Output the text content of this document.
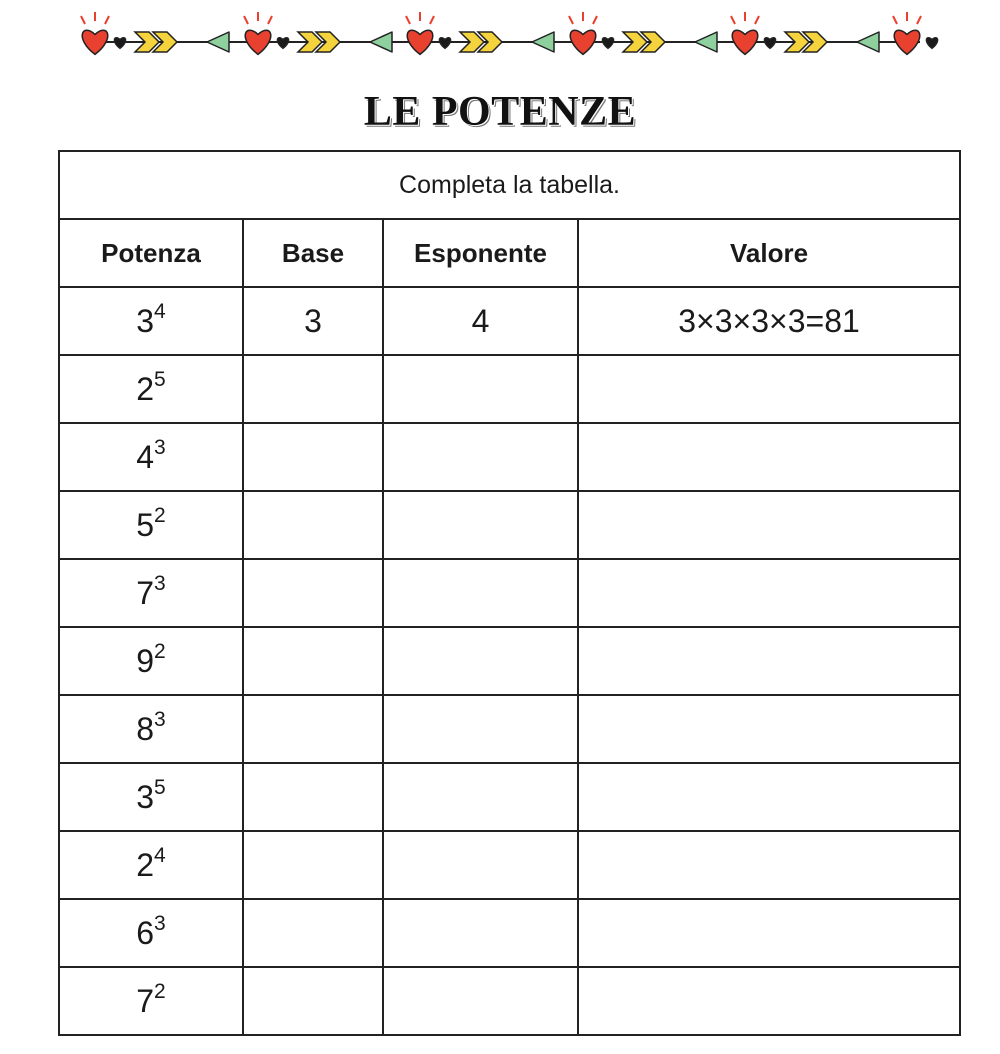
LE POTENZE
Completa la tabella.			
Potenza	Base	Esponente	Valore
$3^4$	3	4	3×3×3×3=81
$2^5$			
$4^3$			
$5^2$			
$7^3$			
$9^2$			
$8^3$			
$3^5$			
$2^4$			
$6^3$			
$7^2$			
